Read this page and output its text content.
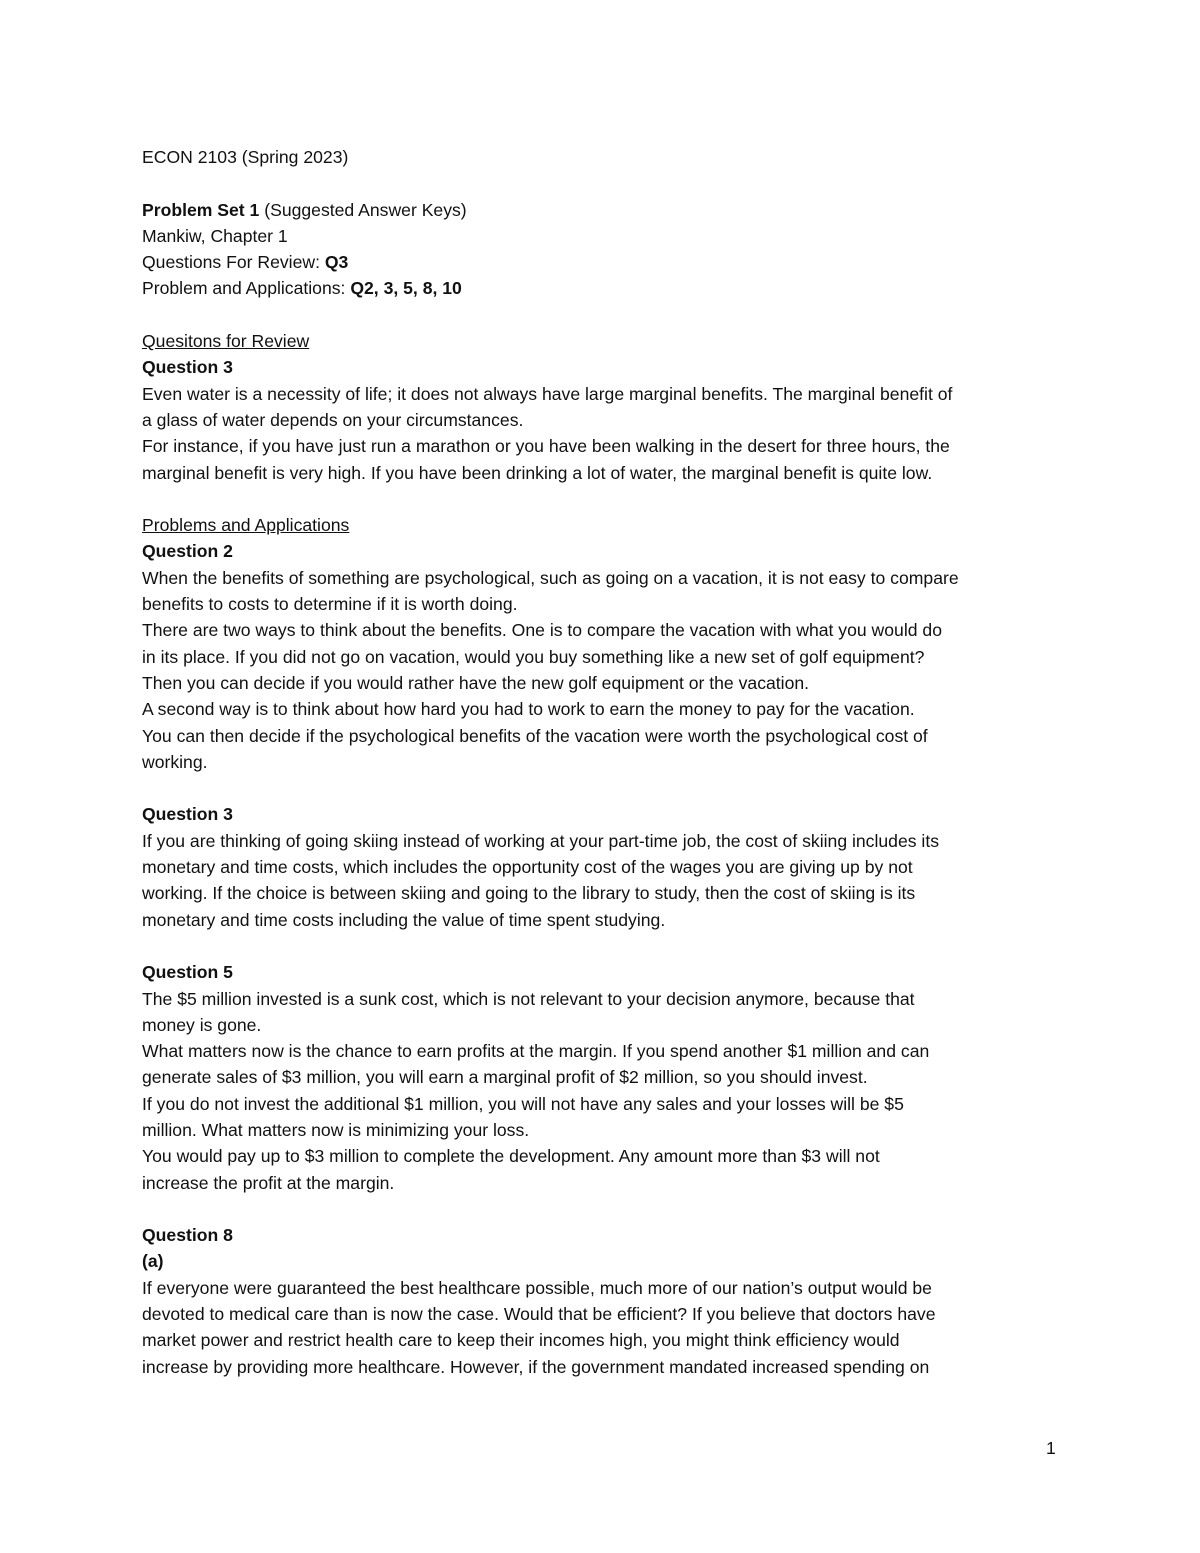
ECON 2103 (Spring 2023)
Problem Set 1 (Suggested Answer Keys)
Mankiw, Chapter 1
Questions For Review: Q3
Problem and Applications: Q2, 3, 5, 8, 10
Quesitons for Review
Question 3
Even water is a necessity of life; it does not always have large marginal benefits. The marginal benefit of
a glass of water depends on your circumstances.
For instance, if you have just run a marathon or you have been walking in the desert for three hours, the
marginal benefit is very high. If you have been drinking a lot of water, the marginal benefit is quite low.
Problems and Applications
Question 2
When the benefits of something are psychological, such as going on a vacation, it is not easy to compare
benefits to costs to determine if it is worth doing.
There are two ways to think about the benefits. One is to compare the vacation with what you would do
in its place. If you did not go on vacation, would you buy something like a new set of golf equipment?
Then you can decide if you would rather have the new golf equipment or the vacation.
A second way is to think about how hard you had to work to earn the money to pay for the vacation.
You can then decide if the psychological benefits of the vacation were worth the psychological cost of
working.
Question 3
If you are thinking of going skiing instead of working at your part-time job, the cost of skiing includes its
monetary and time costs, which includes the opportunity cost of the wages you are giving up by not
working. If the choice is between skiing and going to the library to study, then the cost of skiing is its
monetary and time costs including the value of time spent studying.
Question 5
The $5 million invested is a sunk cost, which is not relevant to your decision anymore, because that
money is gone.
What matters now is the chance to earn profits at the margin. If you spend another $1 million and can
generate sales of $3 million, you will earn a marginal profit of $2 million, so you should invest.
If you do not invest the additional $1 million, you will not have any sales and your losses will be $5
million. What matters now is minimizing your loss.
You would pay up to $3 million to complete the development. Any amount more than $3 will not
increase the profit at the margin.
Question 8
(a)
If everyone were guaranteed the best healthcare possible, much more of our nation’s output would be
devoted to medical care than is now the case. Would that be efficient? If you believe that doctors have
market power and restrict health care to keep their incomes high, you might think efficiency would
increase by providing more healthcare. However, if the government mandated increased spending on
1
